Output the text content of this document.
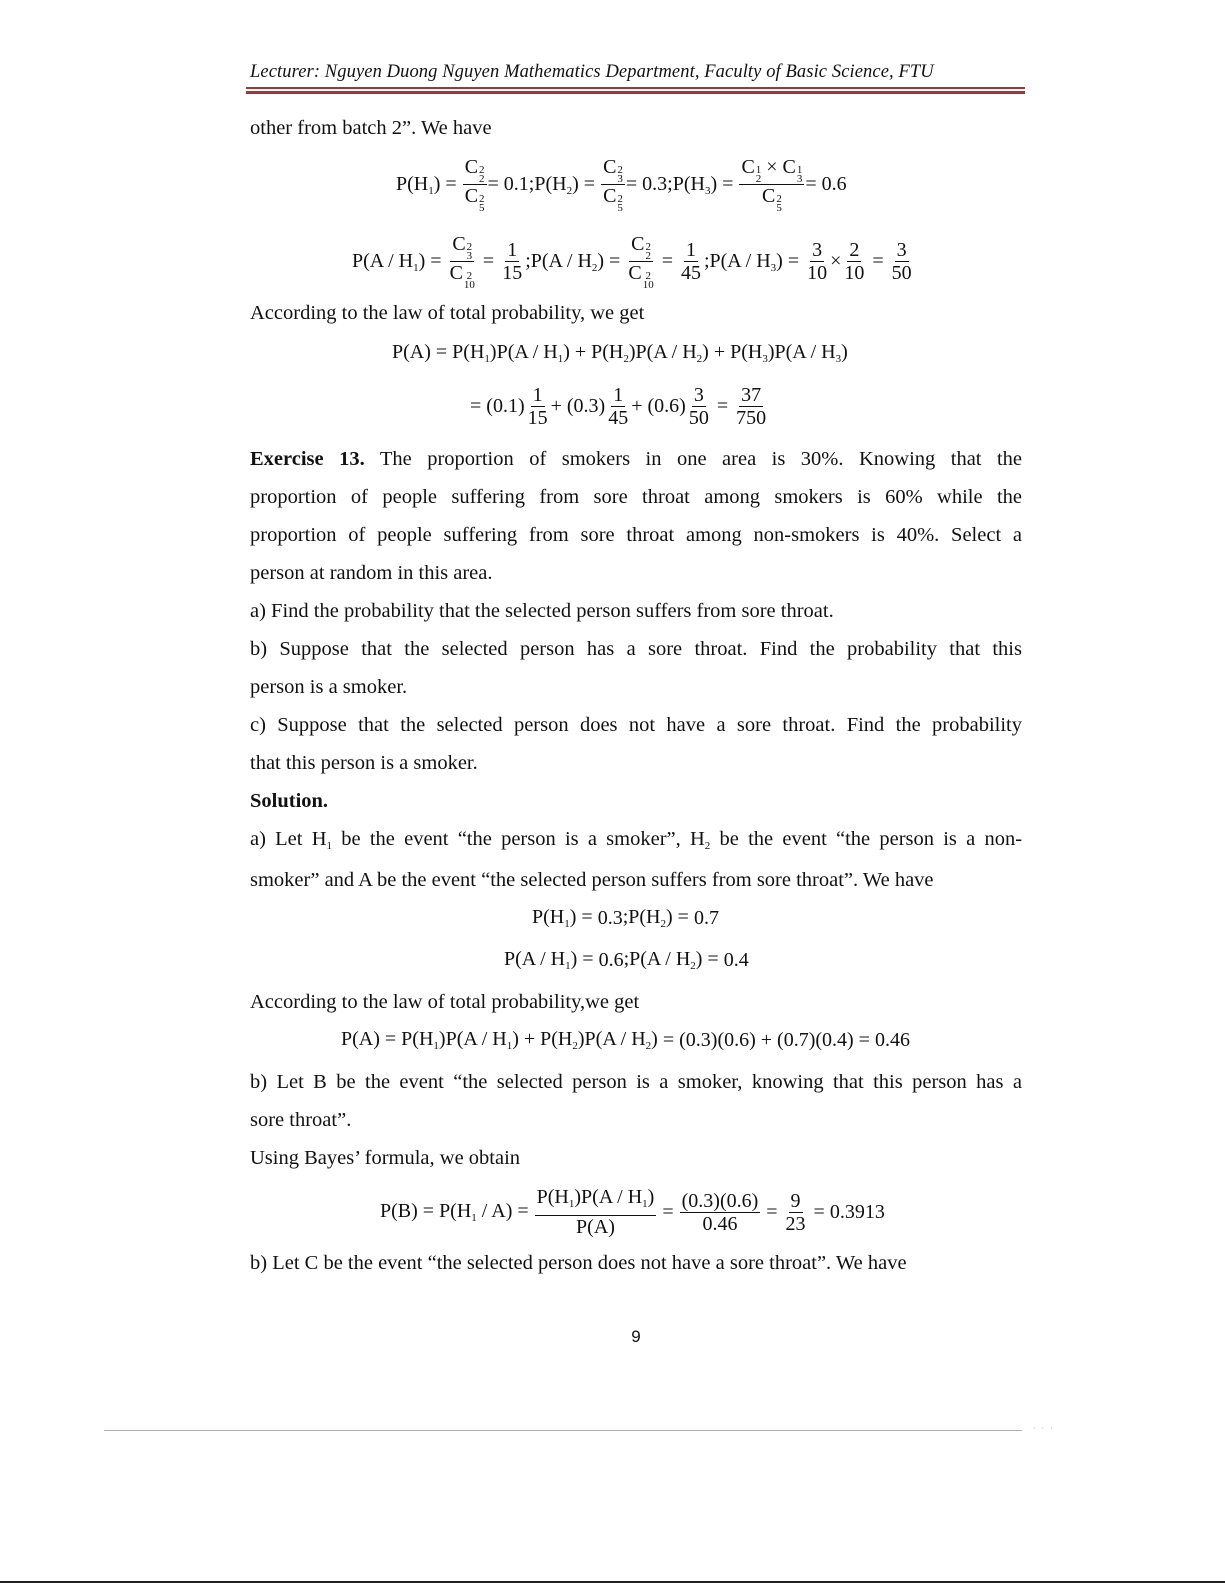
Lecturer: Nguyen Duong Nguyen Mathematics Department, Faculty of Basic Science, FTU

other from batch 2”. We have

$P(H_1) = C$ 2
2
C 2
5 = 0.1; $P(H_2) = C$ 2
3
C 2
5 = 0.3; $P(H_3) = C$ 1
2
× C 1
3
C 2
5 = 0.6
$P(A / H_1) = C$ 2
3
C 2
$10 = \frac{1}{15}$ ;P(A / $H_2) = C$ 2
2
C 2
$10 = \frac{1}{45}$ ;P(A / $H_3) = \frac{3}{10} \times \frac{2}{10} = \frac{3}{50}$

According to the law of total probability, we get

$P(A) = P(H_1)P(A / H_1) + P(H_2)P(A / H_2) + P(H_3)P(A / H_3)$
= $(0.1) \frac{1}{15} + (0.3) \frac{1}{45} + (0.6) \frac{3}{50} = \frac{37}{750}$

Exercise 13. The proportion of smokers in one area is 30%. Knowing that the

proportion of people suffering from sore throat among smokers is 60% while the

proportion of people suffering from sore throat among non-smokers is 40%. Select a

person at random in this area.

a) Find the probability that the selected person suffers from sore throat.

b) Suppose that the selected person has a sore throat. Find the probability that this

person is a smoker.

c) Suppose that the selected person does not have a sore throat. Find the probability

that this person is a smoker.

Solution.

a) Let $H_1$ be the event “the person is a smoker”, $H_2$ be the event “the person is a non-

smoker” and A be the event “the selected person suffers from sore throat”. We have

$P(H_1) = 0.3$ $;P(H_2) = 0.7$
$P(A / H_1) = 0.6$ ;P(A / $H_2) = 0.4$

According to the law of total probability,we get

$P(A) = P(H_1)P(A / H_1) + P(H_2)P(A / H_2) = (0.3)(0.6) + (0.7)(0.4) = 0.46$

b) Let B be the event “the selected person is a smoker, knowing that this person has a

sore throat”.

Using Bayes’ formula, we obtain

$P(B) = P(H_1 / A) = \frac{P(H_1)P(A / H_1)}{P(A)} = \frac{(0.3)(0.6)}{0.46} = \frac{9}{23}$
= 0.3913

b) Let C be the event “the selected person does not have a sore throat”. We have

9
···
